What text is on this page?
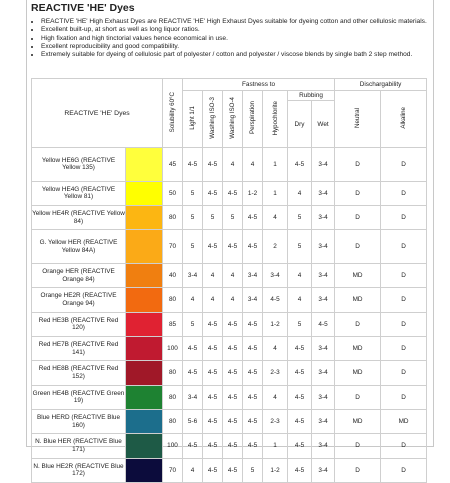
REACTIVE 'HE' Dyes
• REACTIVE 'HE' High Exhaust Dyes are REACTIVE 'HE' High Exhaust Dyes suitable for dyeing cotton and other cellulosic materials.
• Excellent built-up, at short as well as long liquor ratios.
• High fixation and high tinctorial values hence economical in use.
• Excellent reproducibility and good compatibility.
• Extremely suitable for dyeing of cellulosic part of polyester / cotton and polyester / viscose blends by single bath 2 step method.
REACTIVE 'HE' Dyes		Solubility 60°C	Fastness to							Dischargability	
			Light 1/1	Washing ISO-3	Washing ISO-4	Perspiration	Hypochlorite	Rubbing		Neutral	Alkaline
								Dry	Wet		
Yellow HE6G (REACTIVE Yellow 135)		45	4-5	4-5	4	4	1	4-5	3-4	D	D
Yellow HE4G (REACTIVE Yellow 81)		50	5	4-5	4-5	1-2	1	4	3-4	D	D
Yellow HE4R (REACTIVE Yellow 84)		80	5	5	5	4-5	4	5	3-4	D	D
G. Yellow HER (REACTIVE Yellow 84A)		70	5	4-5	4-5	4-5	2	5	3-4	D	D
Orange HER (REACTIVE Orange 84)		40	3-4	4	4	3-4	3-4	4	3-4	MD	D
Orange HE2R (REACTIVE Orange 94)		80	4	4	4	3-4	4-5	4	3-4	MD	D
Red HE3B (REACTIVE Red 120)		85	5	4-5	4-5	4-5	1-2	5	4-5	D	D
Red HE7B (REACTIVE Red 141)		100	4-5	4-5	4-5	4-5	4	4-5	3-4	MD	D
Red HE8B (REACTIVE Red 152)		80	4-5	4-5	4-5	4-5	2-3	4-5	3-4	MD	D
Green HE4B (REACTIVE Green 19)		80	3-4	4-5	4-5	4-5	4	4-5	3-4	D	D
Blue HERD (REACTIVE Blue 160)		80	5-6	4-5	4-5	4-5	2-3	4-5	3-4	MD	MD
N. Blue HER (REACTIVE Blue 171)		100	4-5	4-5	4-5	4-5	1	4-5	3-4	D	D
N. Blue HE2R (REACTIVE Blue 172)		70	4	4-5	4-5	5	1-2	4-5	3-4	D	D
